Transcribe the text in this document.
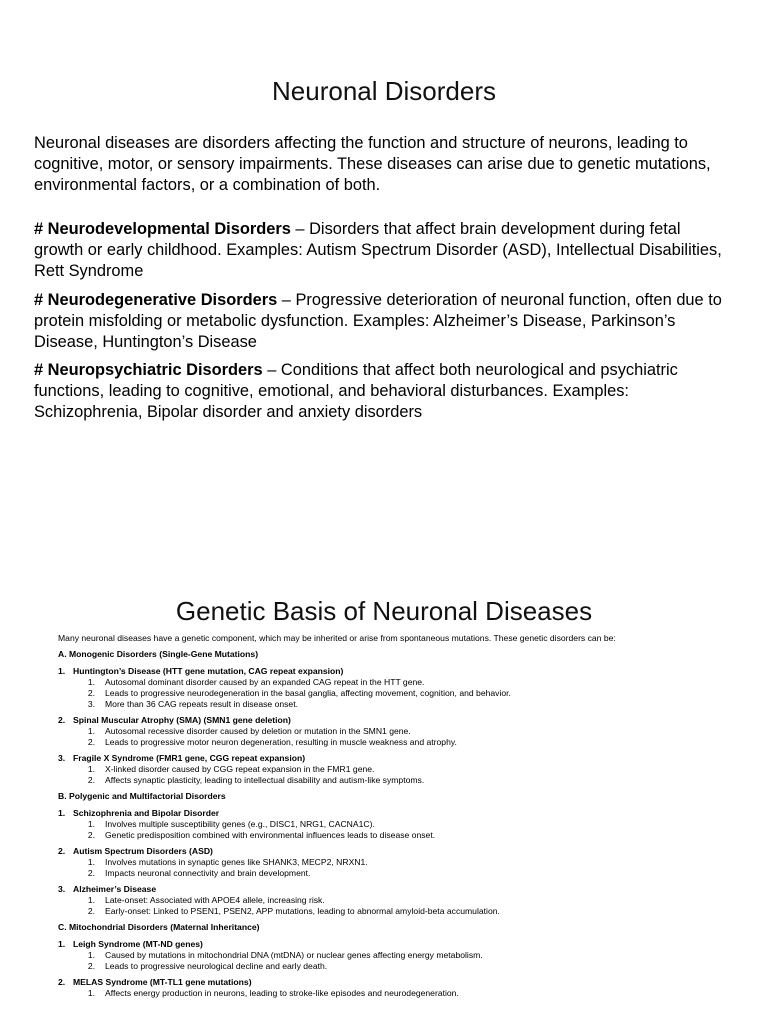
Neuronal Disorders

Neuronal diseases are disorders affecting the function and structure of neurons, leading to cognitive, motor, or sensory impairments. These diseases can arise due to genetic mutations, environmental factors, or a combination of both.

# Neurodevelopmental Disorders – Disorders that affect brain development during fetal growth or early childhood. Examples: Autism Spectrum Disorder (ASD), Intellectual Disabilities, Rett Syndrome

# Neurodegenerative Disorders – Progressive deterioration of neuronal function, often due to protein misfolding or metabolic dysfunction. Examples: Alzheimer’s Disease, Parkinson’s Disease, Huntington’s Disease

# Neuropsychiatric Disorders – Conditions that affect both neurological and psychiatric functions, leading to cognitive, emotional, and behavioral disturbances. Examples: Schizophrenia, Bipolar disorder and anxiety disorders

Genetic Basis of Neuronal Diseases

Many neuronal diseases have a genetic component, which may be inherited or arise from spontaneous mutations. These genetic disorders can be:

A. Monogenic Disorders (Single-Gene Mutations)

1. Huntington’s Disease (HTT gene mutation, CAG repeat expansion)
1.	Autosomal dominant disorder caused by an expanded CAG repeat in the HTT gene.
2.	Leads to progressive neurodegeneration in the basal ganglia, affecting movement, cognition, and behavior.
3.	More than 36 CAG repeats result in disease onset.
2. Spinal Muscular Atrophy (SMA) (SMN1 gene deletion)
1.	Autosomal recessive disorder caused by deletion or mutation in the SMN1 gene.
2.	Leads to progressive motor neuron degeneration, resulting in muscle weakness and atrophy.
3. Fragile X Syndrome (FMR1 gene, CGG repeat expansion)
1.	X-linked disorder caused by CGG repeat expansion in the FMR1 gene.
2.	Affects synaptic plasticity, leading to intellectual disability and autism-like symptoms.

B. Polygenic and Multifactorial Disorders

1. Schizophrenia and Bipolar Disorder
1.	Involves multiple susceptibility genes (e.g., DISC1, NRG1, CACNA1C).
2.	Genetic predisposition combined with environmental influences leads to disease onset.
2. Autism Spectrum Disorders (ASD)
1.	Involves mutations in synaptic genes like SHANK3, MECP2, NRXN1.
2.	Impacts neuronal connectivity and brain development.
3. Alzheimer’s Disease
1.	Late-onset: Associated with APOE4 allele, increasing risk.
2.	Early-onset: Linked to PSEN1, PSEN2, APP mutations, leading to abnormal amyloid-beta accumulation.

C. Mitochondrial Disorders (Maternal Inheritance)

1. Leigh Syndrome (MT-ND genes)
1.	Caused by mutations in mitochondrial DNA (mtDNA) or nuclear genes affecting energy metabolism.
2.	Leads to progressive neurological decline and early death.
2. MELAS Syndrome (MT-TL1 gene mutations)
1.	Affects energy production in neurons, leading to stroke-like episodes and neurodegeneration.
